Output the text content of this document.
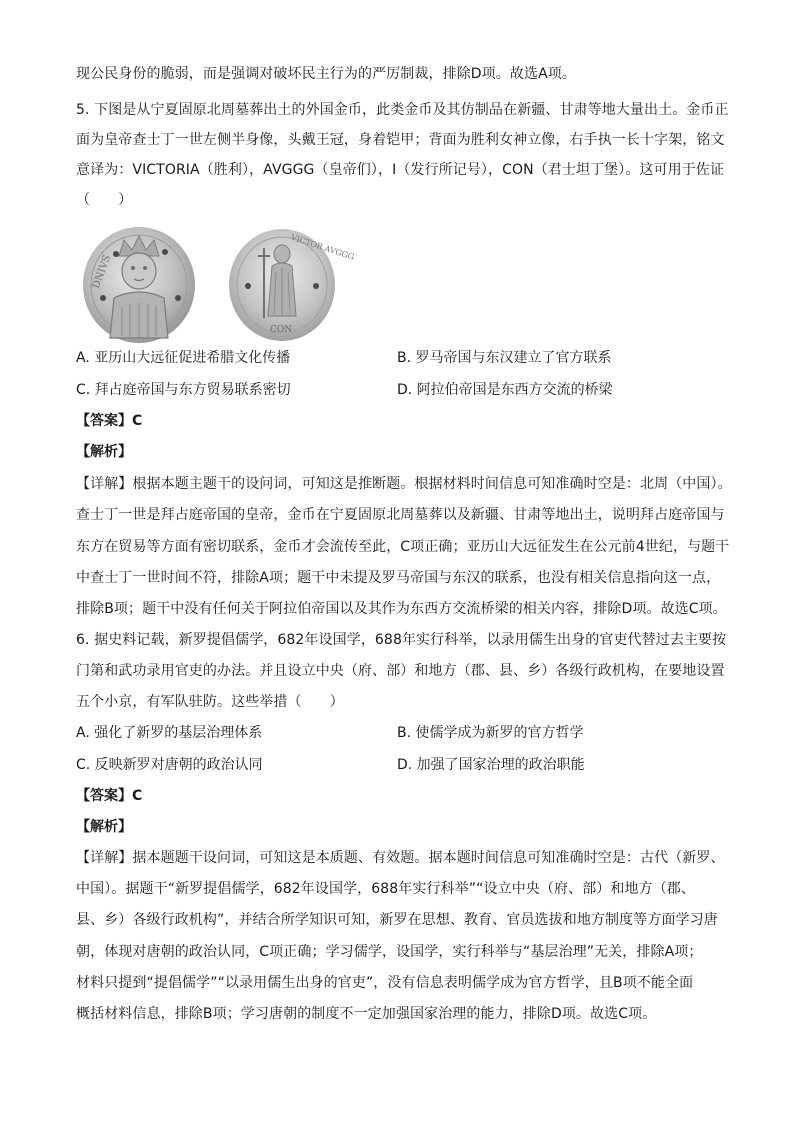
现公民身份的脆弱，而是强调对破坏民主行为的严厉制裁，排除D项。故选A项。
5. 下图是从宁夏固原北周墓葬出土的外国金币，此类金币及其仿制品在新疆、甘肃等地大量出土。金币正
面为皇帝查士丁一世左侧半身像，头戴王冠，身着铠甲；背面为胜利女神立像，右手执一长十字架，铭文
意译为：VICTORIA（胜利），AVGGG（皇帝们），I（发行所记号），CON（君士坦丁堡）。这可用于佐证
（　　）
DNIVS
VICTOR AVGGG
CON
A. 亚历山大远征促进希腊文化传播	B. 罗马帝国与东汉建立了官方联系
C. 拜占庭帝国与东方贸易联系密切	D. 阿拉伯帝国是东西方交流的桥梁
【答案】C
【解析】
【详解】根据本题主题干的设问词，可知这是推断题。根据材料时间信息可知准确时空是：北周（中国）。
查士丁一世是拜占庭帝国的皇帝，金币在宁夏固原北周墓葬以及新疆、甘肃等地出土，说明拜占庭帝国与
东方在贸易等方面有密切联系，金币才会流传至此，C项正确；亚历山大远征发生在公元前4世纪，与题干
中查士丁一世时间不符，排除A项；题干中未提及罗马帝国与东汉的联系，也没有相关信息指向这一点，
排除B项；题干中没有任何关于阿拉伯帝国以及其作为东西方交流桥梁的相关内容，排除D项。故选C项。
6. 据史料记载，新罗提倡儒学，682年设国学，688年实行科举，以录用儒生出身的官吏代替过去主要按
门第和武功录用官吏的办法。并且设立中央（府、部）和地方（郡、县、乡）各级行政机构，在要地设置
五个小京，有军队驻防。这些举措（　　）
A. 强化了新罗的基层治理体系	B. 使儒学成为新罗的官方哲学
C. 反映新罗对唐朝的政治认同	D. 加强了国家治理的政治职能
【答案】C
【解析】
【详解】据本题题干设问词，可知这是本质题、有效题。据本题时间信息可知准确时空是：古代（新罗、
中国）。据题干“新罗提倡儒学，682年设国学，688年实行科举”“设立中央（府、部）和地方（郡、
县、乡）各级行政机构”，并结合所学知识可知，新罗在思想、教育、官员选拔和地方制度等方面学习唐
朝，体现对唐朝的政治认同，C项正确；学习儒学，设国学，实行科举与“基层治理”无关，排除A项；
材料只提到“提倡儒学”“以录用儒生出身的官吏”，没有信息表明儒学成为官方哲学，且B项不能全面
概括材料信息，排除B项；学习唐朝的制度不一定加强国家治理的能力，排除D项。故选C项。
